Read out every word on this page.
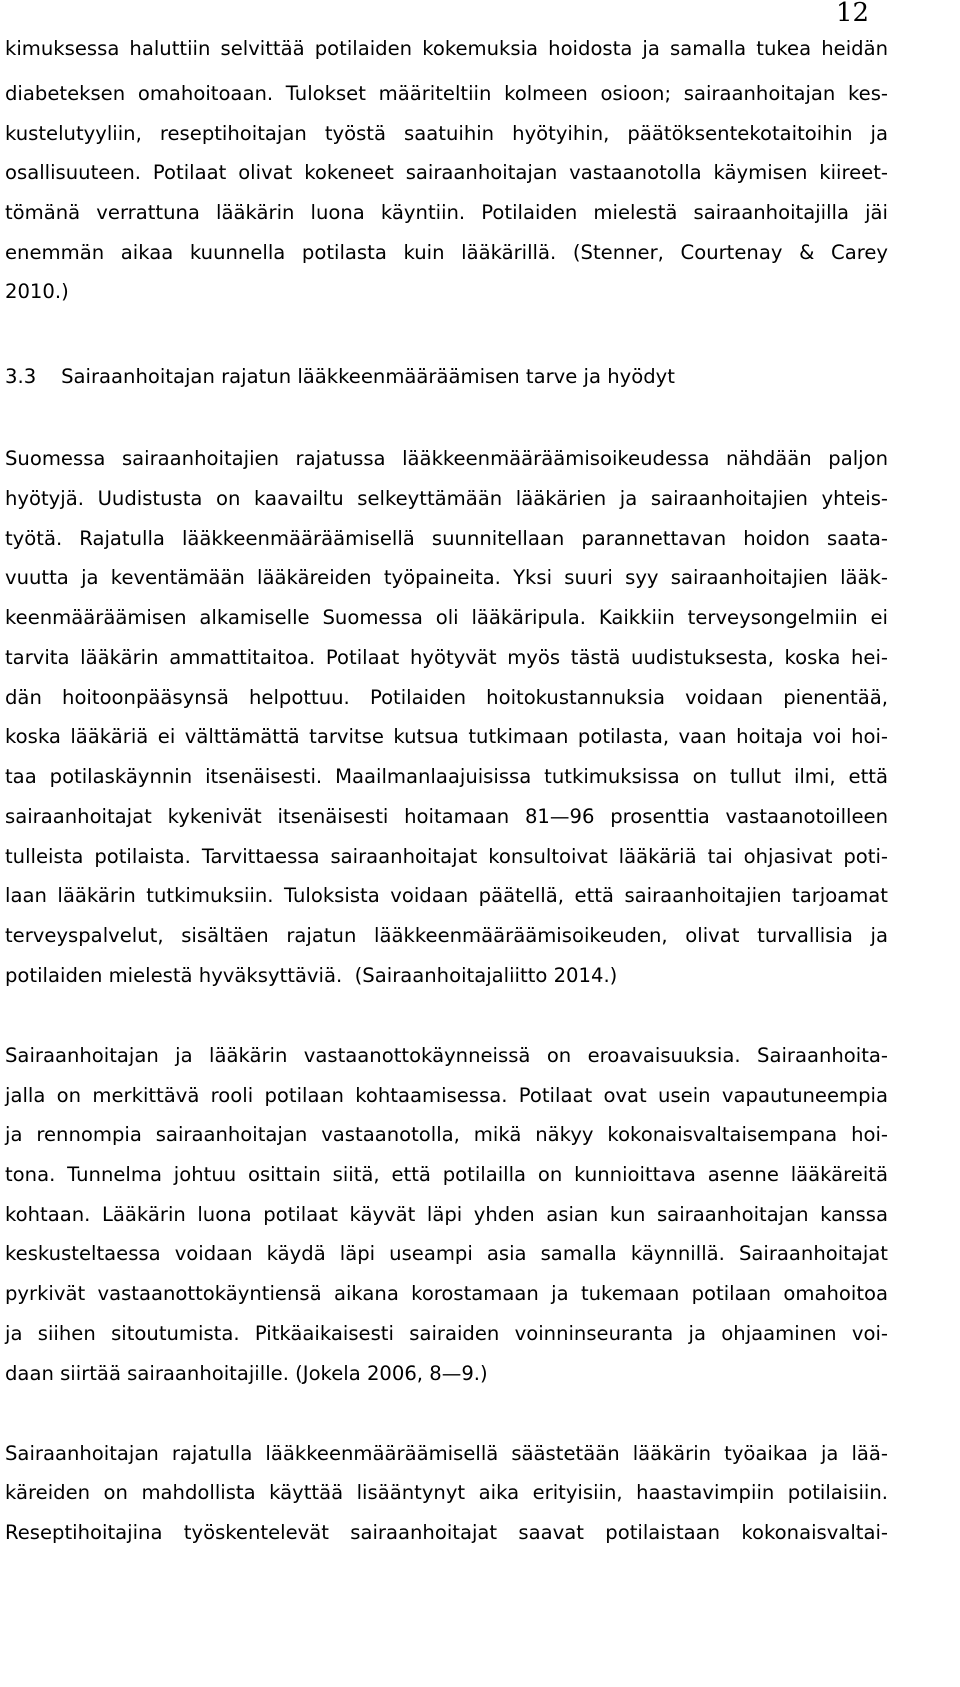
12
kimuksessa haluttiin selvittää potilaiden kokemuksia hoidosta ja samalla tukea heidän
diabeteksen omahoitoaan. Tulokset määriteltiin kolmeen osioon; sairaanhoitajan kes-
kustelutyyliin, reseptihoitajan työstä saatuihin hyötyihin, päätöksentekotaitoihin ja
osallisuuteen. Potilaat olivat kokeneet sairaanhoitajan vastaanotolla käymisen kiireet-
tömänä verrattuna lääkärin luona käyntiin. Potilaiden mielestä sairaanhoitajilla jäi
enemmän aikaa kuunnella potilasta kuin lääkärillä. (Stenner, Courtenay & Carey
2010.)
3.3    Sairaanhoitajan rajatun lääkkeenmääräämisen tarve ja hyödyt
Suomessa sairaanhoitajien rajatussa lääkkeenmääräämisoikeudessa nähdään paljon
hyötyjä. Uudistusta on kaavailtu selkeyttämään lääkärien ja sairaanhoitajien yhteis-
työtä. Rajatulla lääkkeenmääräämisellä suunnitellaan parannettavan hoidon saata-
vuutta ja keventämään lääkäreiden työpaineita. Yksi suuri syy sairaanhoitajien lääk-
keenmääräämisen alkamiselle Suomessa oli lääkäripula. Kaikkiin terveysongelmiin ei
tarvita lääkärin ammattitaitoa. Potilaat hyötyvät myös tästä uudistuksesta, koska hei-
dän hoitoonpääsynsä helpottuu. Potilaiden hoitokustannuksia voidaan pienentää,
koska lääkäriä ei välttämättä tarvitse kutsua tutkimaan potilasta, vaan hoitaja voi hoi-
taa potilaskäynnin itsenäisesti. Maailmanlaajuisissa tutkimuksissa on tullut ilmi, että
sairaanhoitajat kykenivät itsenäisesti hoitamaan 81—96 prosenttia vastaanotoilleen
tulleista potilaista. Tarvittaessa sairaanhoitajat konsultoivat lääkäriä tai ohjasivat poti-
laan lääkärin tutkimuksiin. Tuloksista voidaan päätellä, että sairaanhoitajien tarjoamat
terveyspalvelut, sisältäen rajatun lääkkeenmääräämisoikeuden, olivat turvallisia ja
potilaiden mielestä hyväksyttäviä.  (Sairaanhoitajaliitto 2014.)
Sairaanhoitajan ja lääkärin vastaanottokäynneissä on eroavaisuuksia. Sairaanhoita-
jalla on merkittävä rooli potilaan kohtaamisessa. Potilaat ovat usein vapautuneempia
ja rennompia sairaanhoitajan vastaanotolla, mikä näkyy kokonaisvaltaisempana hoi-
tona. Tunnelma johtuu osittain siitä, että potilailla on kunnioittava asenne lääkäreitä
kohtaan. Lääkärin luona potilaat käyvät läpi yhden asian kun sairaanhoitajan kanssa
keskusteltaessa voidaan käydä läpi useampi asia samalla käynnillä. Sairaanhoitajat
pyrkivät vastaanottokäyntiensä aikana korostamaan ja tukemaan potilaan omahoitoa
ja siihen sitoutumista. Pitkäaikaisesti sairaiden voinninseuranta ja ohjaaminen voi-
daan siirtää sairaanhoitajille. (Jokela 2006, 8—9.)
Sairaanhoitajan rajatulla lääkkeenmääräämisellä säästetään lääkärin työaikaa ja lää-
käreiden on mahdollista käyttää lisääntynyt aika erityisiin, haastavimpiin potilaisiin.
Reseptihoitajina työskentelevät sairaanhoitajat saavat potilaistaan kokonaisvaltai-
